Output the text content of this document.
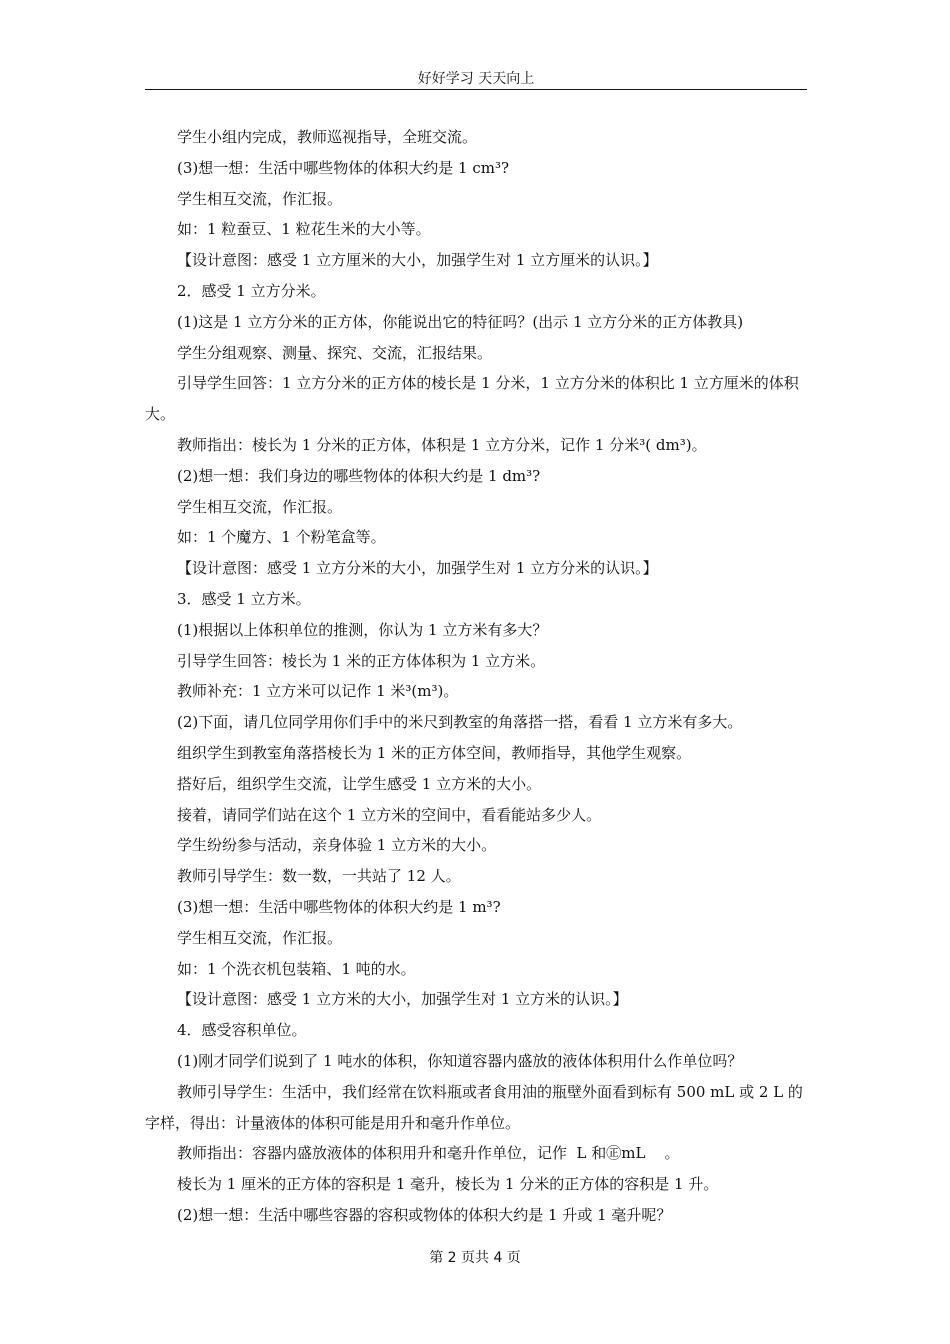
好好学习 天天向上

学生小组内完成，教师巡视指导，全班交流。

(3)想一想：生活中哪些物体的体积大约是 1 cm³?

学生相互交流，作汇报。

如：1 粒蚕豆、1 粒花生米的大小等。

【设计意图：感受 1 立方厘米的大小，加强学生对 1 立方厘米的认识。】

2．感受 1 立方分米。

(1)这是 1 立方分米的正方体，你能说出它的特征吗？(出示 1 立方分米的正方体教具)

学生分组观察、测量、探究、交流，汇报结果。

引导学生回答：1 立方分米的正方体的棱长是 1 分米，1 立方分米的体积比 1 立方厘米的体积大。

教师指出：棱长为 1 分米的正方体，体积是 1 立方分米，记作 1 分米³( dm³)。

(2)想一想：我们身边的哪些物体的体积大约是 1 dm³?

学生相互交流，作汇报。

如：1 个魔方、1 个粉笔盒等。

【设计意图：感受 1 立方分米的大小，加强学生对 1 立方分米的认识。】

3．感受 1 立方米。

(1)根据以上体积单位的推测，你认为 1 立方米有多大？

引导学生回答：棱长为 1 米的正方体体积为 1 立方米。

教师补充：1 立方米可以记作 1 米³(m³)。

(2)下面，请几位同学用你们手中的米尺到教室的角落搭一搭，看看 1 立方米有多大。

组织学生到教室角落搭棱长为 1 米的正方体空间，教师指导，其他学生观察。

搭好后，组织学生交流，让学生感受 1 立方米的大小。

接着，请同学们站在这个 1 立方米的空间中，看看能站多少人。

学生纷纷参与活动，亲身体验 1 立方米的大小。

教师引导学生：数一数，一共站了 12 人。

(3)想一想：生活中哪些物体的体积大约是 1 m³?

学生相互交流，作汇报。

如：1 个洗衣机包装箱、1 吨的水。

【设计意图：感受 1 立方米的大小，加强学生对 1 立方米的认识。】

4．感受容积单位。

(1)刚才同学们说到了 1 吨水的体积，你知道容器内盛放的液体体积用什么作单位吗？

教师引导学生：生活中，我们经常在饮料瓶或者食用油的瓶壁外面看到标有 500 mL 或 2 L 的字样，得出：计量液体的体积可能是用升和毫升作单位。

教师指出：容器内盛放液体的体积用升和毫升作单位，记作  L 和㊣mL    。

棱长为 1 厘米的正方体的容积是 1 毫升，棱长为 1 分米的正方体的容积是 1 升。

(2)想一想：生活中哪些容器的容积或物体的体积大约是 1 升或 1 毫升呢？

第 2 页共 4 页
